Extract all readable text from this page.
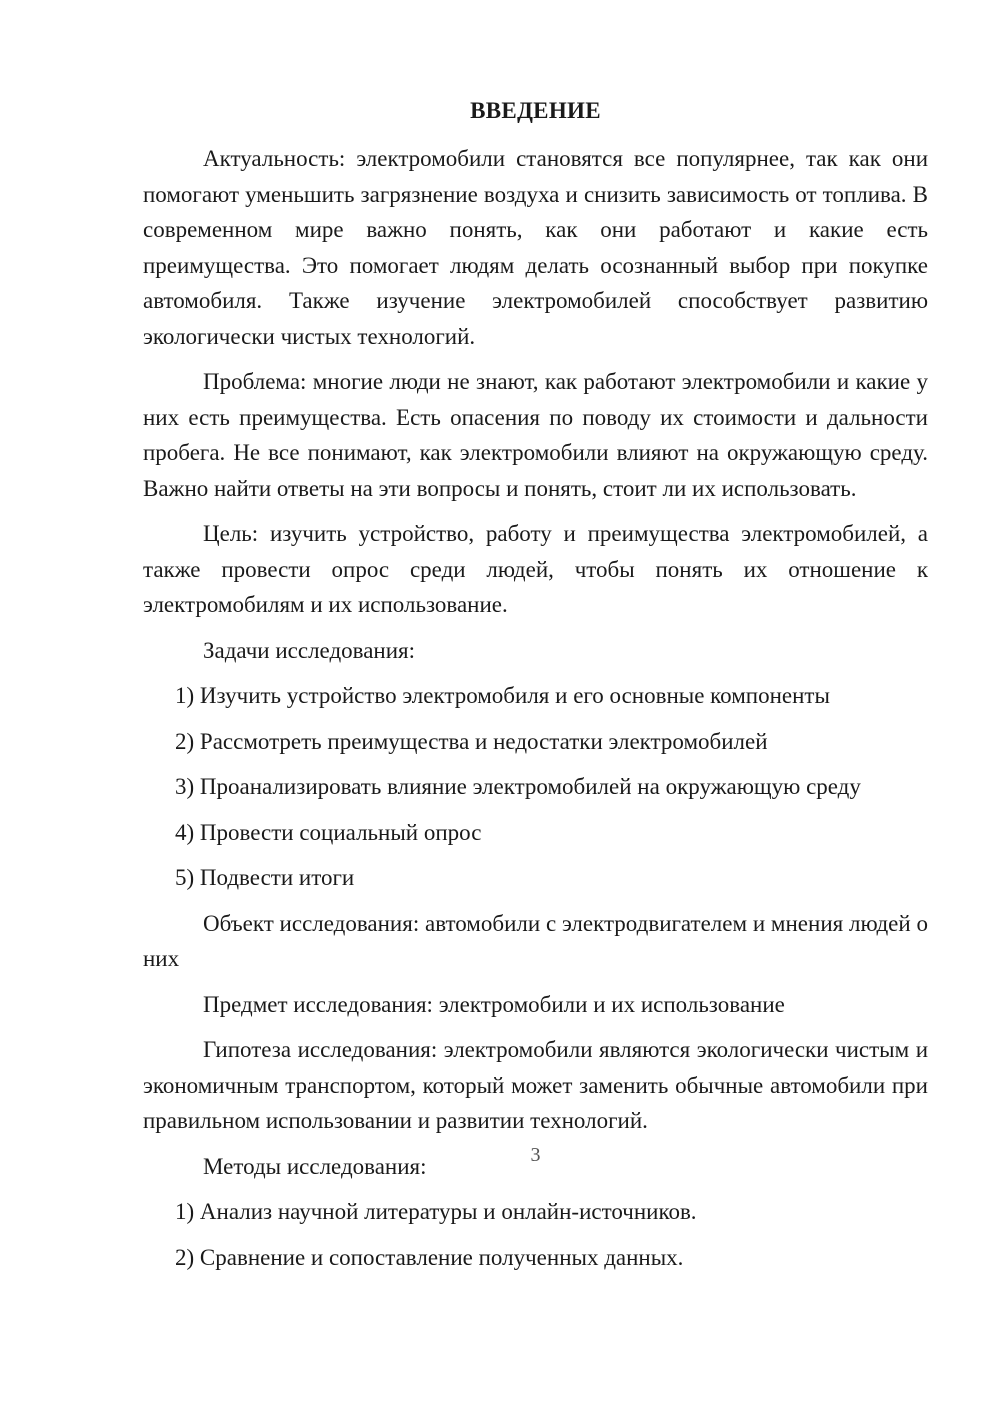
ВВЕДЕНИЕ

Актуальность: электромобили становятся все популярнее, так как они помогают уменьшить загрязнение воздуха и снизить зависимость от топлива. В современном мире важно понять, как они работают и какие есть преимущества. Это помогает людям делать осознанный выбор при покупке автомобиля. Также изучение электромобилей способствует развитию экологически чистых технологий.

Проблема: многие люди не знают, как работают электромобили и какие у них есть преимущества. Есть опасения по поводу их стоимости и дальности пробега. Не все понимают, как электромобили влияют на окружающую среду. Важно найти ответы на эти вопросы и понять, стоит ли их использовать.

Цель: изучить устройство, работу и преимущества электромобилей, а также провести опрос среди людей, чтобы понять их отношение к электромобилям и их использование.

Задачи исследования:

1) Изучить устройство электромобиля и его основные компоненты

2) Рассмотреть преимущества и недостатки электромобилей

3) Проанализировать влияние электромобилей на окружающую среду

4) Провести социальный опрос

5) Подвести итоги

Объект исследования: автомобили с электродвигателем и мнения людей о них

Предмет исследования: электромобили и их использование

Гипотеза исследования: электромобили являются экологически чистым и экономичным транспортом, который может заменить обычные автомобили при правильном использовании и развитии технологий.

Методы исследования:

1) Анализ научной литературы и онлайн-источников.

2) Сравнение и сопоставление полученных данных.

3
